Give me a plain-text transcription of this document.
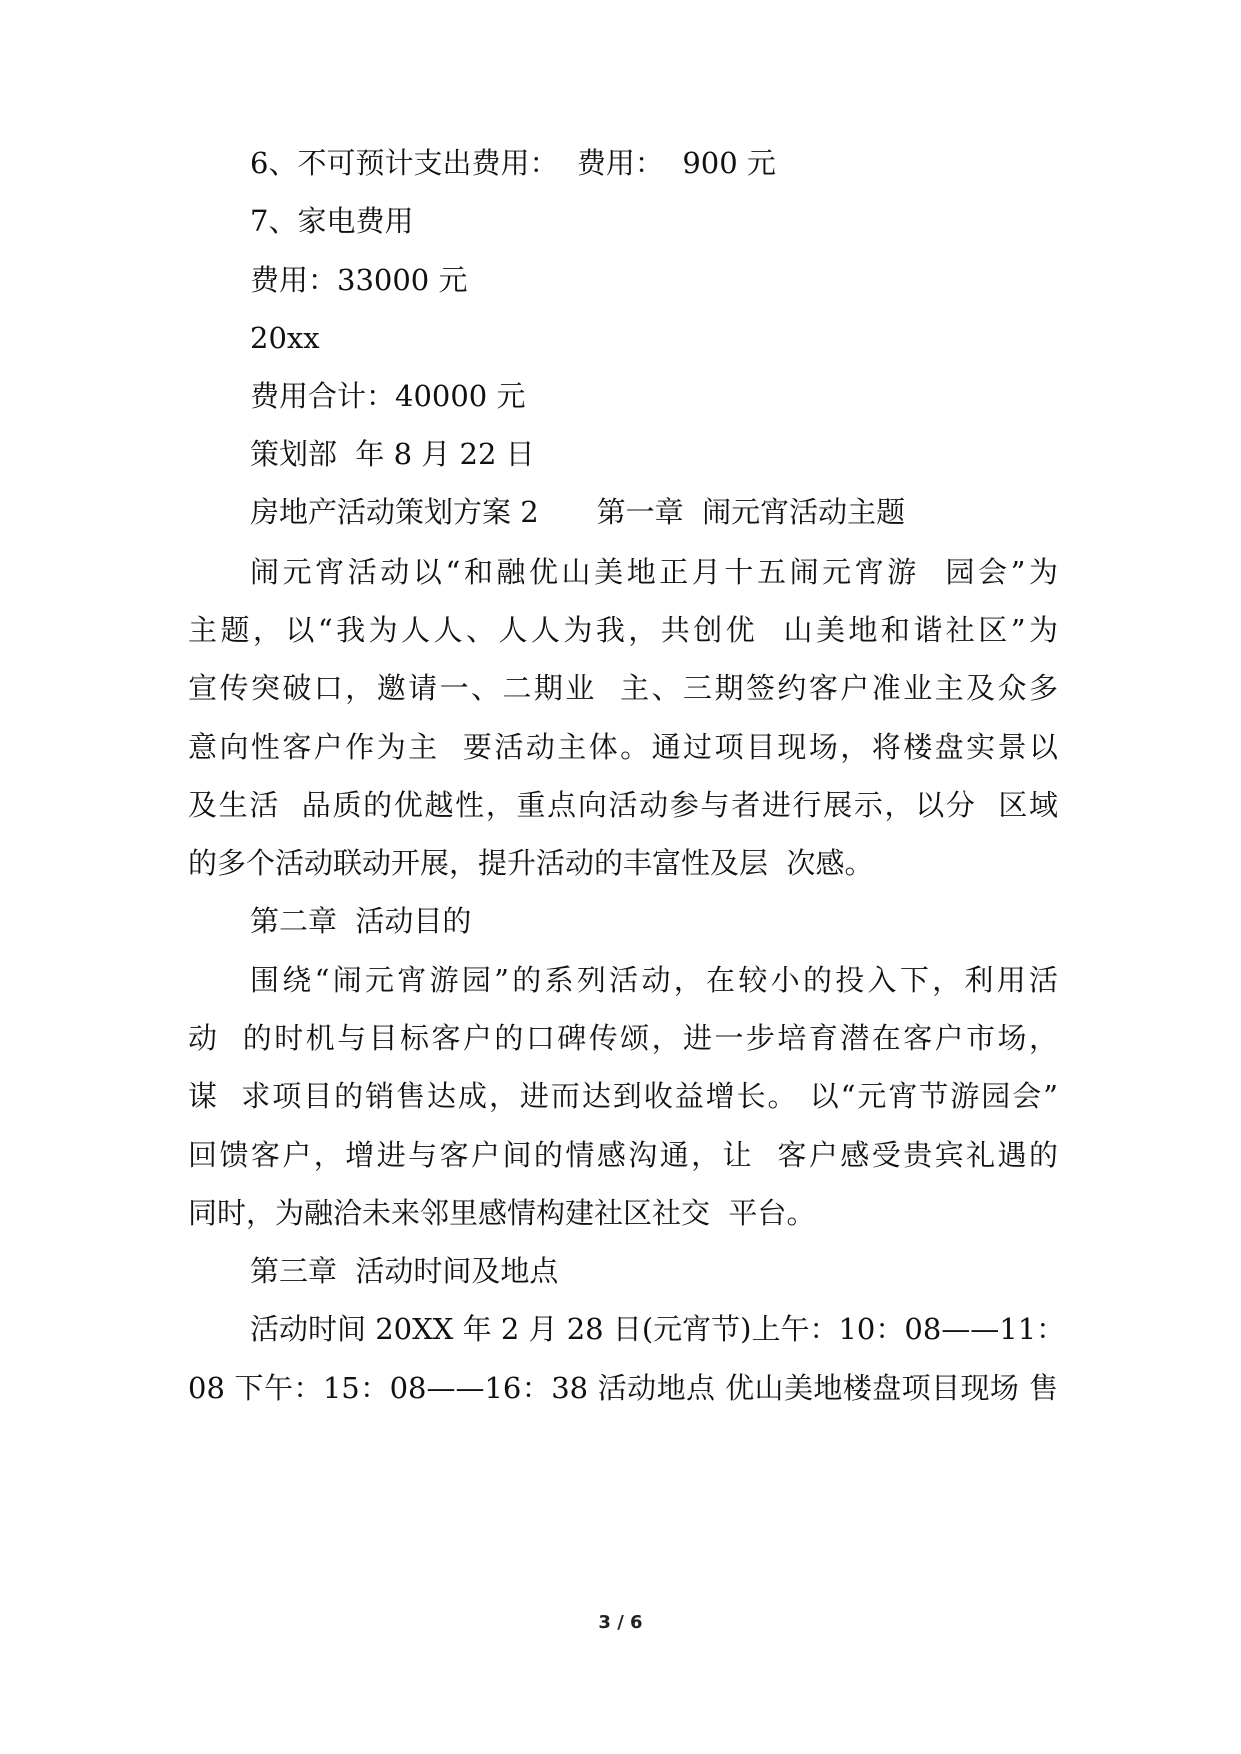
6、不可预计支出费用：  费用：  900 元

7、家电费用

费用：33000 元

20xx

费用合计：40000 元

策划部  年 8 月 22 日

房地产活动策划方案 2 第一章  闹元宵活动主题

闹元宵活动以“和融优山美地正月十五闹元宵游  园会”为

主题，以“我为人人、人人为我，共创优  山美地和谐社区”为

宣传突破口，邀请一、二期业  主、三期签约客户准业主及众多

意向性客户作为主  要活动主体。通过项目现场，将楼盘实景以

及生活  品质的优越性，重点向活动参与者进行展示，以分  区域

的多个活动联动开展，提升活动的丰富性及层  次感。

第二章  活动目的

围绕“闹元宵游园”的系列活动，在较小的投入下，利用活

动  的时机与目标客户的口碑传颂，进一步培育潜在客户市场，

谋  求项目的销售达成，进而达到收益增长。 以“元宵节游园会”

回馈客户，增进与客户间的情感沟通，让  客户感受贵宾礼遇的

同时，为融洽未来邻里感情构建社区社交  平台。

第三章  活动时间及地点

活动时间 20XX 年 2 月 28 日(元宵节)上午：10：08——11：

08 下午：15：08——16：38 活动地点 优山美地楼盘项目现场 售

3 / 6
